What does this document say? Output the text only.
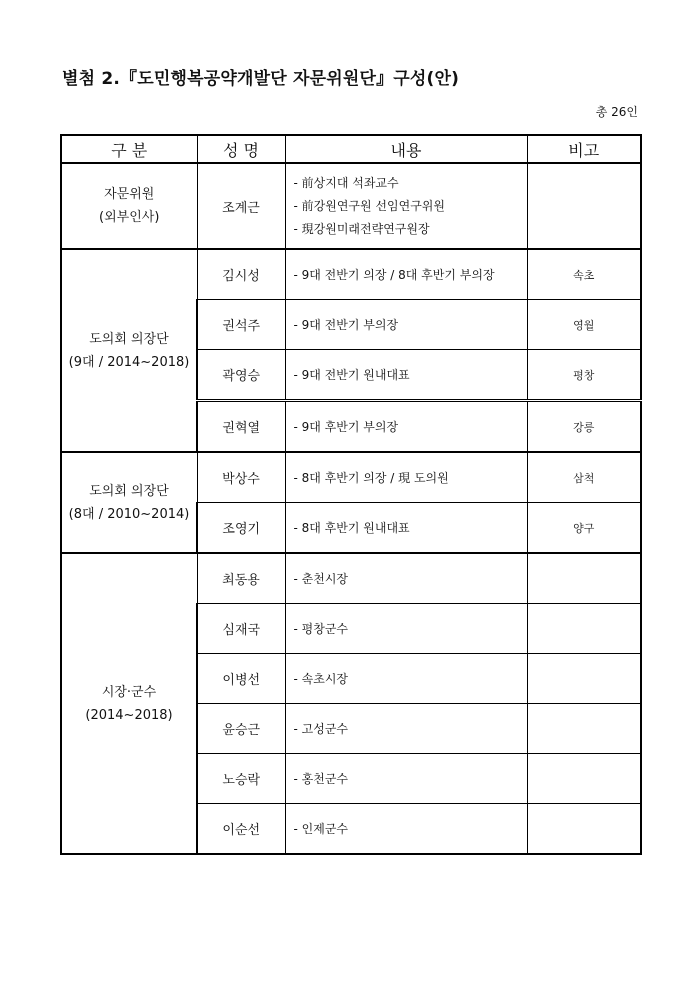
별첨 2.『도민행복공약개발단 자문위원단』구성(안)
총 26인
구 분	성 명	내용	비고

자문위원
(외부인사)	조계근	- 前상지대 석좌교수
- 前강원연구원 선임연구위원
- 現강원미래전략연구원장	

도의회 의장단
(9대 / 2014~2018)	김시성	- 9대 전반기 의장 / 8대 후반기 부의장	속초
	권석주	- 9대 전반기 부의장	영월
	곽영승	- 9대 전반기 원내대표	평창
	권혁열	- 9대 후반기 부의장	강릉

도의회 의장단
(8대 / 2010~2014)	박상수	- 8대 후반기 의장 / 現 도의원	삼척
	조영기	- 8대 후반기 원내대표	양구

시장·군수
(2014~2018)	최동용	- 춘천시장	
	심재국	- 평창군수	
	이병선	- 속초시장	
	윤승근	- 고성군수	
	노승락	- 홍천군수	
	이순선	- 인제군수	
